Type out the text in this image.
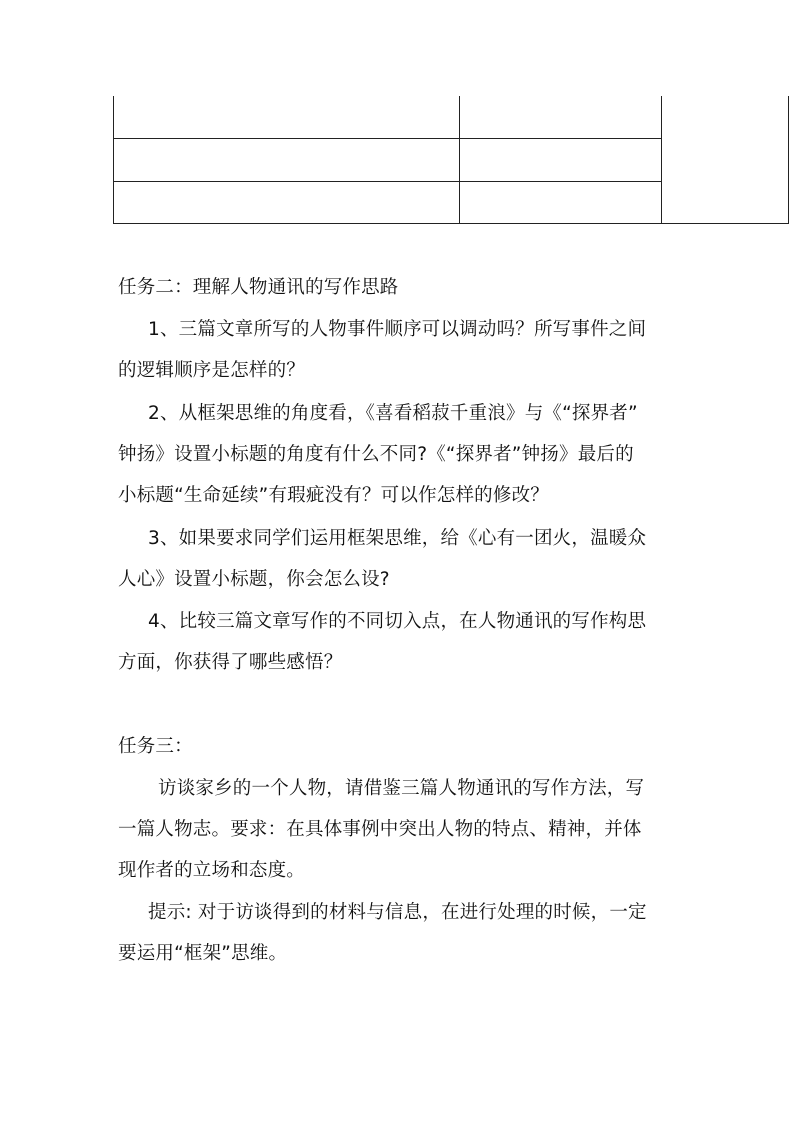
任务二：理解人物通讯的写作思路
1、三篇文章所写的人物事件顺序可以调动吗？所写事件之间
的逻辑顺序是怎样的？
2、从框架思维的角度看，《喜看稻菽千重浪》与《“探界者”
钟扬》设置小标题的角度有什么不同?《“探界者”钟扬》最后的
小标题“生命延续”有瑕疵没有？可以作怎样的修改？
3、如果要求同学们运用框架思维，给《心有一团火，温暖众
人心》设置小标题，你会怎么设?
4、比较三篇文章写作的不同切入点，在人物通讯的写作构思
方面，你获得了哪些感悟？
任务三：
访谈家乡的一个人物，请借鉴三篇人物通讯的写作方法，写
一篇人物志。要求：在具体事例中突出人物的特点、精神，并体
现作者的立场和态度。
提示: 对于访谈得到的材料与信息，在进行处理的时候，一定
要运用“框架”思维。
